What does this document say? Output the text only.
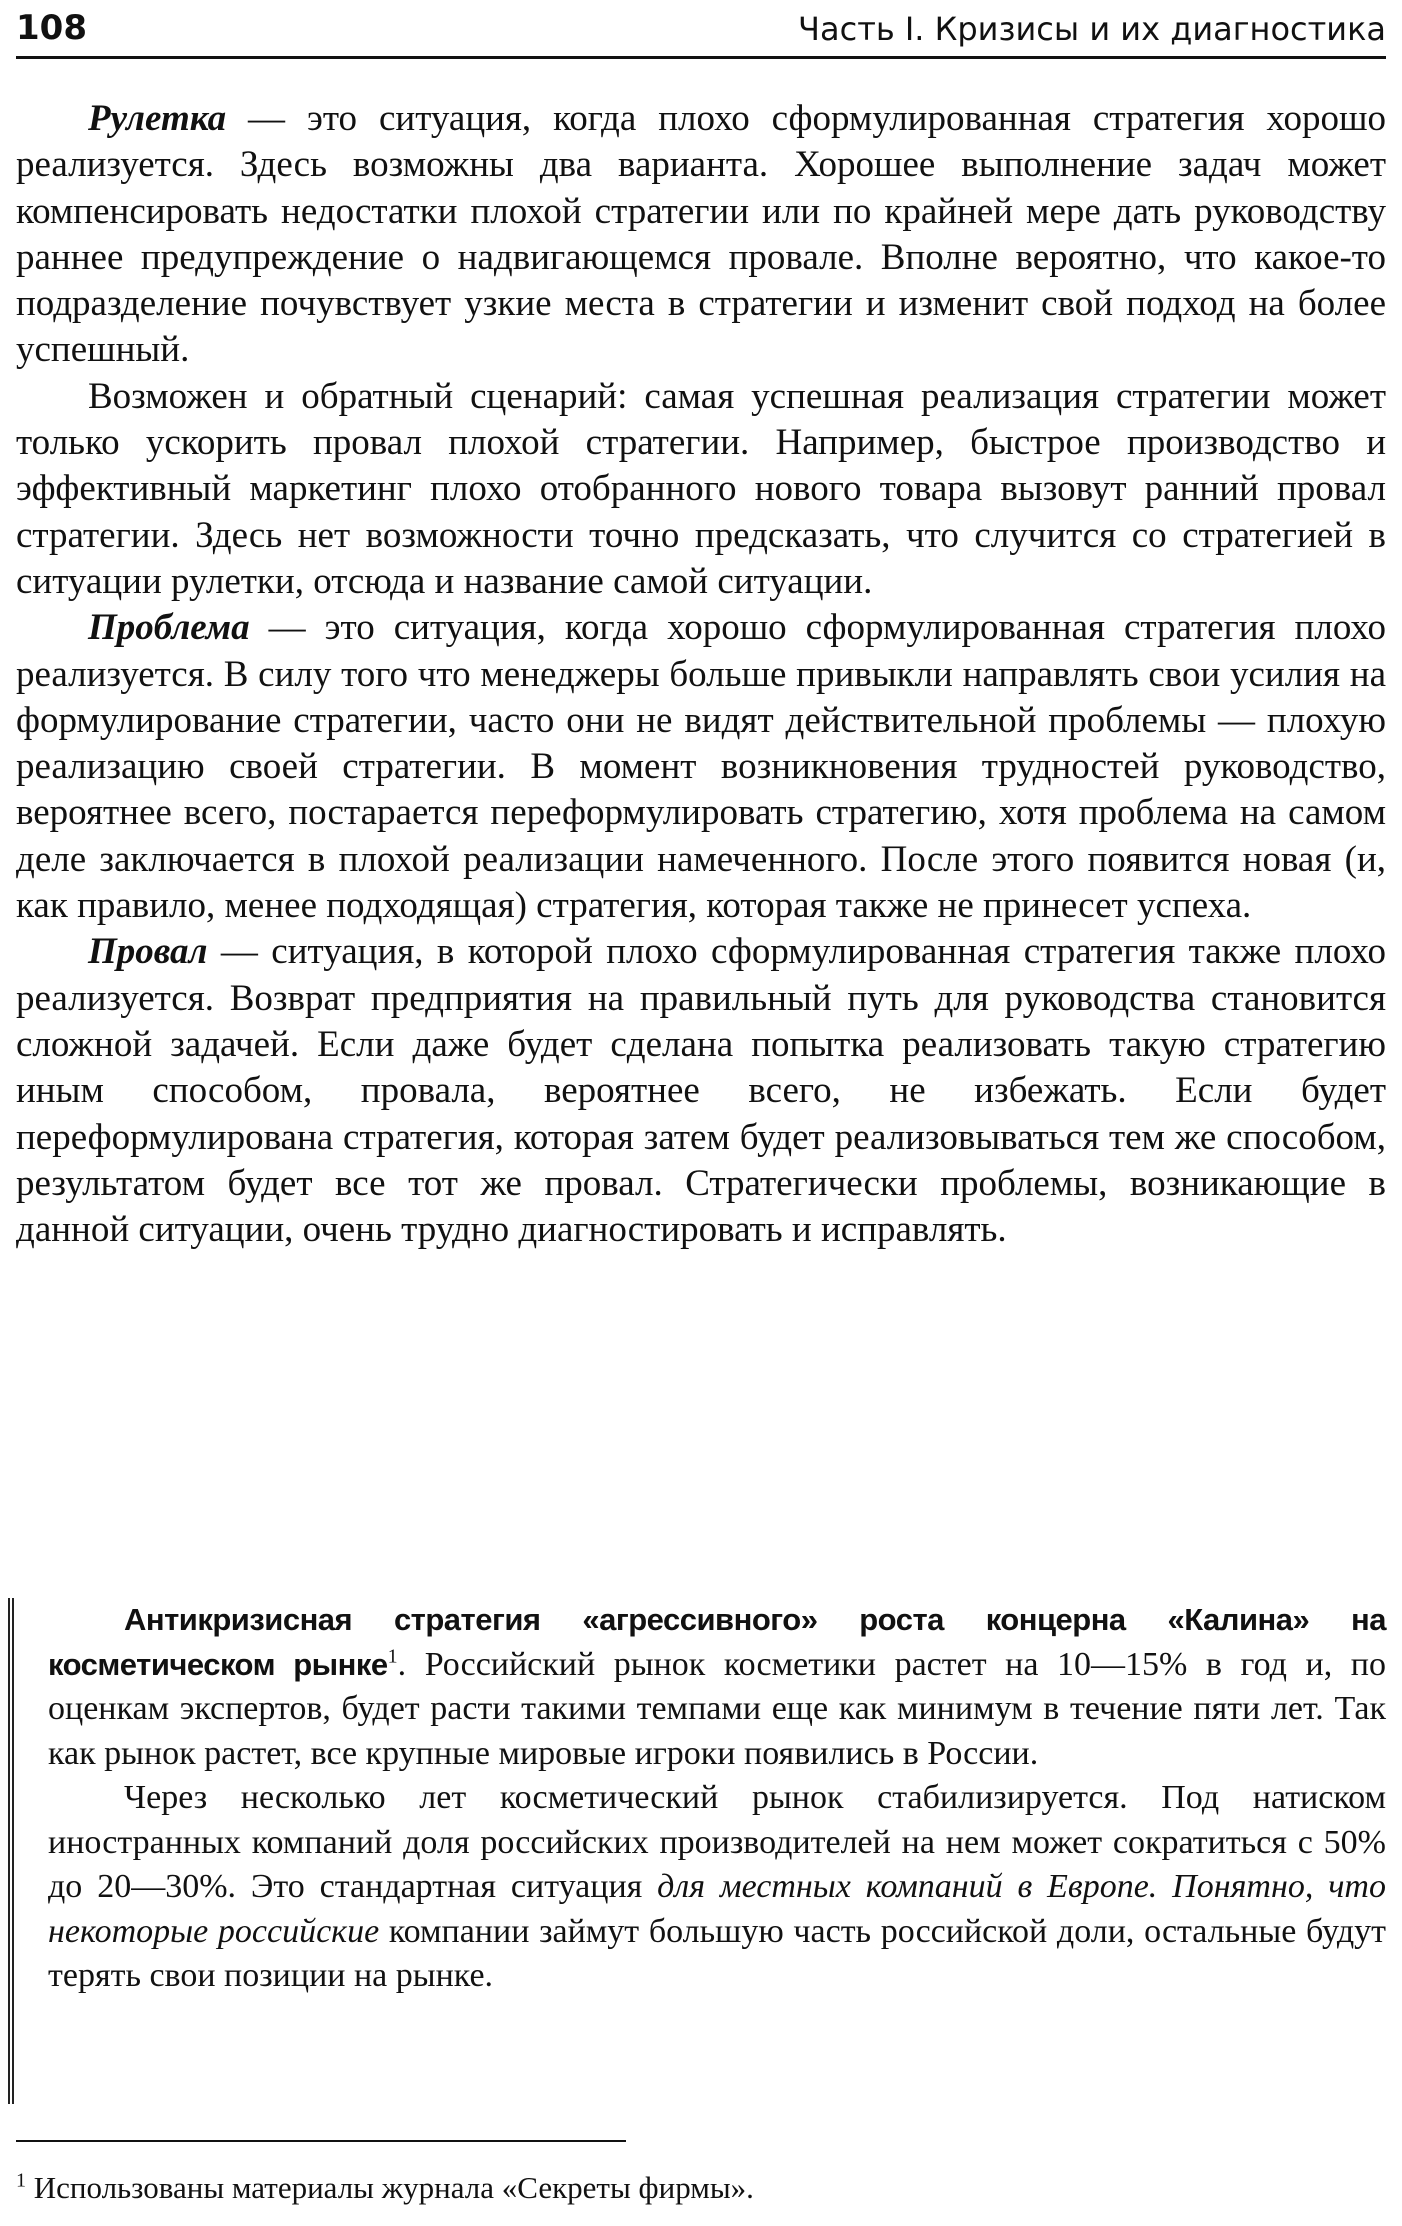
108	Часть I. Кризисы и их диагностика

Рулетка — это ситуация, когда плохо сформулированная стратегия хорошо реализуется. Здесь возможны два варианта. Хорошее выполнение задач может компенсировать недостатки плохой стратегии или по крайней мере дать руководству раннее предупреждение о надвигающемся провале. Вполне вероятно, что какое-то подразделение почувствует узкие места в стратегии и изменит свой подход на более успешный.

Возможен и обратный сценарий: самая успешная реализация стратегии может только ускорить провал плохой стратегии. Например, быстрое производство и эффективный маркетинг плохо отобранного нового товара вызовут ранний провал стратегии. Здесь нет возможности точно предсказать, что случится со стратегией в ситуации рулетки, отсюда и название самой ситуации.

Проблема — это ситуация, когда хорошо сформулированная стратегия плохо реализуется. В силу того что менеджеры больше привыкли направлять свои усилия на формулирование стратегии, часто они не видят действительной проблемы — плохую реализацию своей стратегии. В момент возникновения трудностей руководство, вероятнее всего, постарается переформулировать стратегию, хотя проблема на самом деле заключается в плохой реализации намеченного. После этого появится новая (и, как правило, менее подходящая) стратегия, которая также не принесет успеха.

Провал — ситуация, в которой плохо сформулированная стратегия также плохо реализуется. Возврат предприятия на правильный путь для руководства становится сложной задачей. Если даже будет сделана попытка реализовать такую стратегию иным способом, провала, вероятнее всего, не избежать. Если будет переформулирована стратегия, которая затем будет реализовываться тем же способом, результатом будет все тот же провал. Стратегически проблемы, возникающие в данной ситуации, очень трудно диагностировать и исправлять.

Антикризисная стратегия «агрессивного» роста концерна «Калина» на косметическом рынке$^1$. Российский рынок косметики растет на 10—15% в год и, по оценкам экспертов, будет расти такими темпами еще как минимум в течение пяти лет. Так как рынок растет, все крупные мировые игроки появились в России.

Через несколько лет косметический рынок стабилизируется. Под натиском иностранных компаний доля российских производителей на нем может сократиться с 50% до 20—30%. Это стандартная ситуация для местных компаний в Европе. Понятно, что некоторые российские компании займут большую часть российской доли, остальные будут терять свои позиции на рынке.

$^1$ Использованы материалы журнала «Секреты фирмы».
